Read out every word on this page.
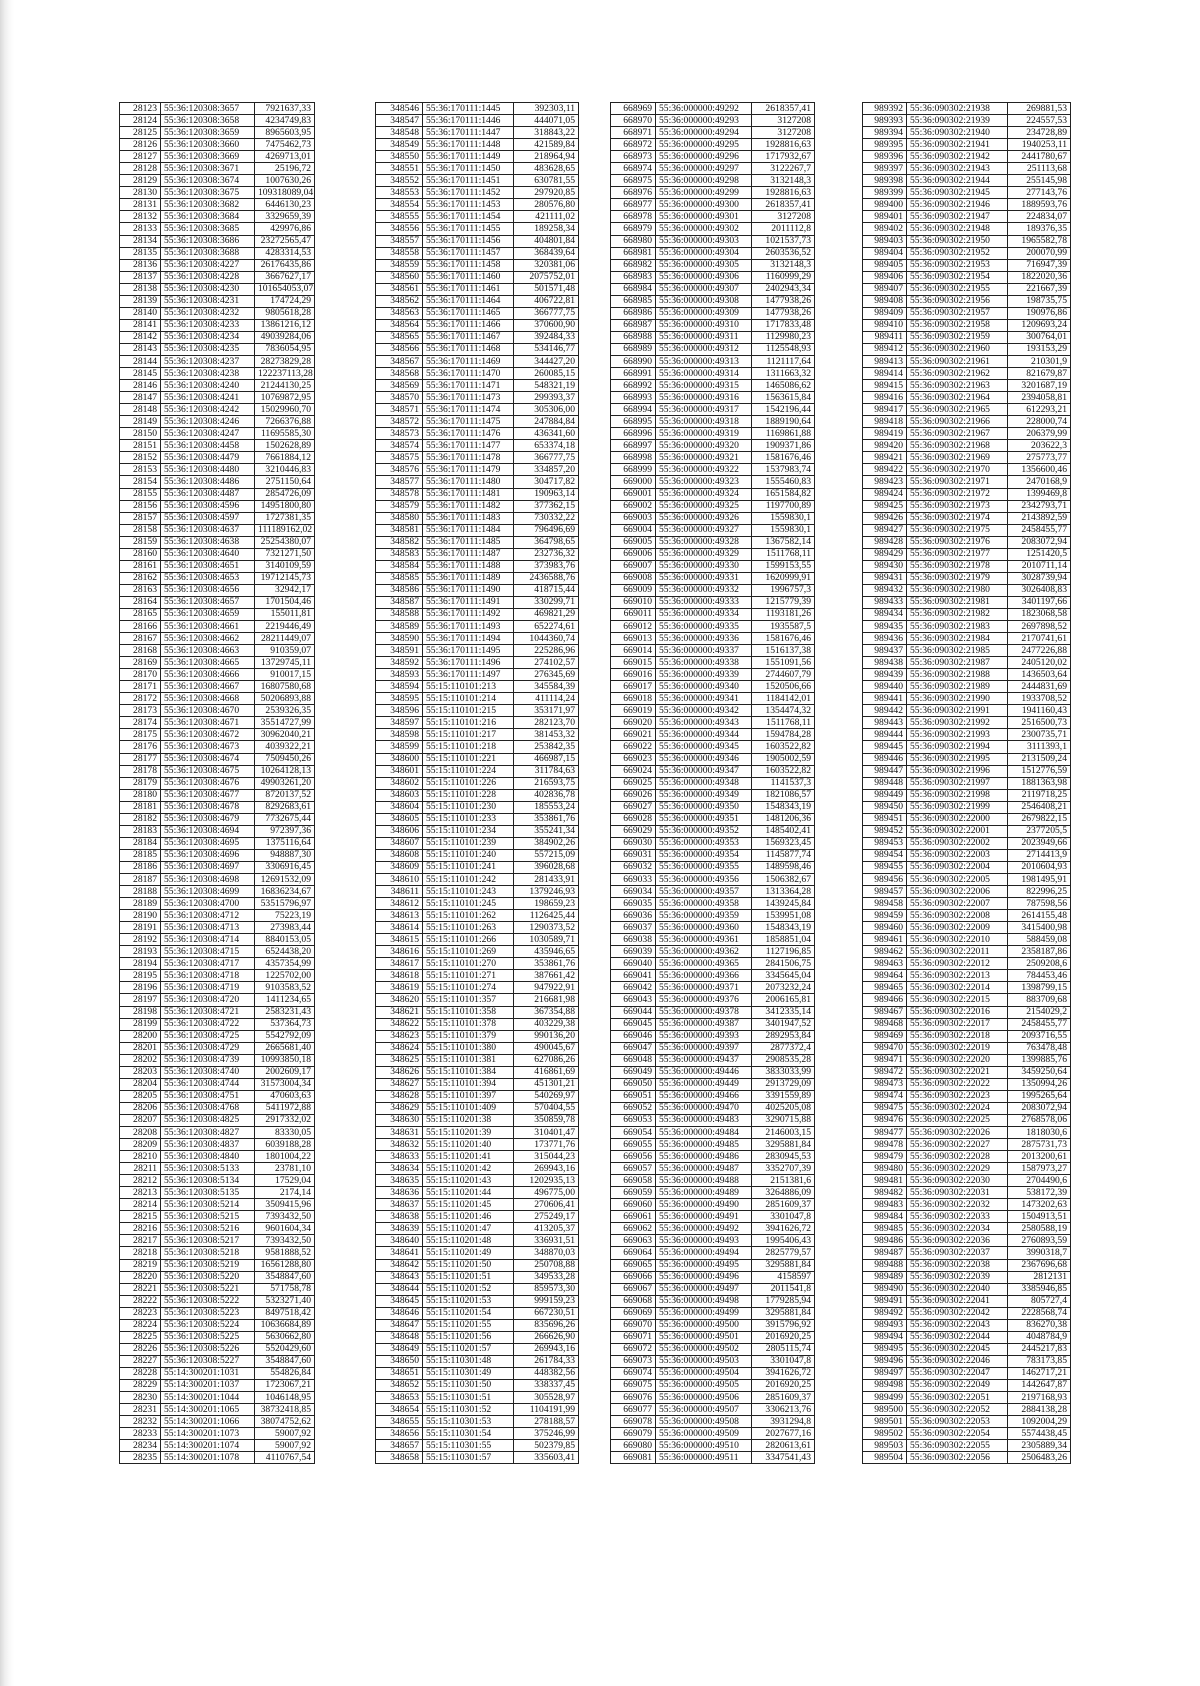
28123	55:36:120308:3657	7921637,33
28124	55:36:120308:3658	4234749,83
28125	55:36:120308:3659	8965603,95
28126	55:36:120308:3660	7475462,73
28127	55:36:120308:3669	4269713,01
28128	55:36:120308:3671	25196,72
28129	55:36:120308:3674	1007630,26
28130	55:36:120308:3675	109318089,04
28131	55:36:120308:3682	6446130,23
28132	55:36:120308:3684	3329659,39
28133	55:36:120308:3685	429976,86
28134	55:36:120308:3686	23272565,47
28135	55:36:120308:3688	4283314,53
28136	55:36:120308:4227	26176435,86
28137	55:36:120308:4228	3667627,17
28138	55:36:120308:4230	101654053,07
28139	55:36:120308:4231	174724,29
28140	55:36:120308:4232	9805618,28
28141	55:36:120308:4233	13861216,12
28142	55:36:120308:4234	49039284,06
28143	55:36:120308:4235	7836054,95
28144	55:36:120308:4237	28273829,28
28145	55:36:120308:4238	122237113,28
28146	55:36:120308:4240	21244130,25
28147	55:36:120308:4241	10769872,95
28148	55:36:120308:4242	15029960,70
28149	55:36:120308:4246	7266376,88
28150	55:36:120308:4247	11695585,30
28151	55:36:120308:4458	1502628,89
28152	55:36:120308:4479	7661884,12
28153	55:36:120308:4480	3210446,83
28154	55:36:120308:4486	2751150,64
28155	55:36:120308:4487	2854726,09
28156	55:36:120308:4596	14951800,80
28157	55:36:120308:4597	1727381,35
28158	55:36:120308:4637	111189162,02
28159	55:36:120308:4638	25254380,07
28160	55:36:120308:4640	7321271,50
28161	55:36:120308:4651	3140109,59
28162	55:36:120308:4653	19712145,73
28163	55:36:120308:4656	32942,17
28164	55:36:120308:4657	1701504,46
28165	55:36:120308:4659	155011,81
28166	55:36:120308:4661	2219446,49
28167	55:36:120308:4662	28211449,07
28168	55:36:120308:4663	910359,07
28169	55:36:120308:4665	13729745,11
28170	55:36:120308:4666	910017,15
28171	55:36:120308:4667	16807580,68
28172	55:36:120308:4668	50206893,88
28173	55:36:120308:4670	2539326,35
28174	55:36:120308:4671	35514727,99
28175	55:36:120308:4672	30962040,21
28176	55:36:120308:4673	4039322,21
28177	55:36:120308:4674	7509450,26
28178	55:36:120308:4675	10264128,13
28179	55:36:120308:4676	49903261,20
28180	55:36:120308:4677	8720137,52
28181	55:36:120308:4678	8292683,61
28182	55:36:120308:4679	7732675,44
28183	55:36:120308:4694	972397,36
28184	55:36:120308:4695	1375116,64
28185	55:36:120308:4696	948887,30
28186	55:36:120308:4697	3306916,45
28187	55:36:120308:4698	12691532,09
28188	55:36:120308:4699	16836234,67
28189	55:36:120308:4700	53515796,97
28190	55:36:120308:4712	75223,19
28191	55:36:120308:4713	273983,44
28192	55:36:120308:4714	8840153,05
28193	55:36:120308:4715	6524438,20
28194	55:36:120308:4717	4357354,99
28195	55:36:120308:4718	1225702,00
28196	55:36:120308:4719	9103583,52
28197	55:36:120308:4720	1411234,65
28198	55:36:120308:4721	2583231,43
28199	55:36:120308:4722	537364,73
28200	55:36:120308:4725	5542792,09
28201	55:36:120308:4729	2665681,40
28202	55:36:120308:4739	10993850,18
28203	55:36:120308:4740	2002609,17
28204	55:36:120308:4744	31573004,34
28205	55:36:120308:4751	470603,63
28206	55:36:120308:4768	5411972,88
28207	55:36:120308:4825	2917332,02
28208	55:36:120308:4827	83330,05
28209	55:36:120308:4837	6039188,28
28210	55:36:120308:4840	1801004,22
28211	55:36:120308:5133	23781,10
28212	55:36:120308:5134	17529,04
28213	55:36:120308:5135	2174,14
28214	55:36:120308:5214	3509415,96
28215	55:36:120308:5215	7393432,50
28216	55:36:120308:5216	9601604,34
28217	55:36:120308:5217	7393432,50
28218	55:36:120308:5218	9581888,52
28219	55:36:120308:5219	16561288,80
28220	55:36:120308:5220	3548847,60
28221	55:36:120308:5221	571758,78
28222	55:36:120308:5222	5323271,40
28223	55:36:120308:5223	8497518,42
28224	55:36:120308:5224	10636684,89
28225	55:36:120308:5225	5630662,80
28226	55:36:120308:5226	5520429,60
28227	55:36:120308:5227	3548847,60
28228	55:14:300201:1031	554826,84
28229	55:14:300201:1037	1723067,21
28230	55:14:300201:1044	1046148,95
28231	55:14:300201:1065	38732418,85
28232	55:14:300201:1066	38074752,62
28233	55:14:300201:1073	59007,92
28234	55:14:300201:1074	59007,92
28235	55:14:300201:1078	4110767,54
348546	55:36:170111:1445	392303,11
348547	55:36:170111:1446	444071,05
348548	55:36:170111:1447	318843,22
348549	55:36:170111:1448	421589,84
348550	55:36:170111:1449	218964,94
348551	55:36:170111:1450	483628,65
348552	55:36:170111:1451	630781,55
348553	55:36:170111:1452	297920,85
348554	55:36:170111:1453	280576,80
348555	55:36:170111:1454	421111,02
348556	55:36:170111:1455	189258,34
348557	55:36:170111:1456	404801,84
348558	55:36:170111:1457	368439,64
348559	55:36:170111:1458	320381,06
348560	55:36:170111:1460	2075752,01
348561	55:36:170111:1461	501571,48
348562	55:36:170111:1464	406722,81
348563	55:36:170111:1465	366777,75
348564	55:36:170111:1466	370600,90
348565	55:36:170111:1467	392484,33
348566	55:36:170111:1468	534146,77
348567	55:36:170111:1469	344427,20
348568	55:36:170111:1470	260085,15
348569	55:36:170111:1471	548321,19
348570	55:36:170111:1473	299393,37
348571	55:36:170111:1474	305306,00
348572	55:36:170111:1475	247884,84
348573	55:36:170111:1476	436341,60
348574	55:36:170111:1477	653374,18
348575	55:36:170111:1478	366777,75
348576	55:36:170111:1479	334857,20
348577	55:36:170111:1480	304717,82
348578	55:36:170111:1481	190963,14
348579	55:36:170111:1482	377362,15
348580	55:36:170111:1483	730332,22
348581	55:36:170111:1484	796496,69
348582	55:36:170111:1485	364798,65
348583	55:36:170111:1487	232736,32
348584	55:36:170111:1488	373983,76
348585	55:36:170111:1489	2436588,76
348586	55:36:170111:1490	418715,44
348587	55:36:170111:1491	330299,71
348588	55:36:170111:1492	469821,29
348589	55:36:170111:1493	652274,61
348590	55:36:170111:1494	1044360,74
348591	55:36:170111:1495	225286,96
348592	55:36:170111:1496	274102,57
348593	55:36:170111:1497	276345,69
348594	55:15:110101:213	345584,39
348595	55:15:110101:214	411114,24
348596	55:15:110101:215	353171,97
348597	55:15:110101:216	282123,70
348598	55:15:110101:217	381453,32
348599	55:15:110101:218	253842,35
348600	55:15:110101:221	466987,15
348601	55:15:110101:224	311784,63
348602	55:15:110101:226	216593,75
348603	55:15:110101:228	402836,78
348604	55:15:110101:230	185553,24
348605	55:15:110101:233	353861,76
348606	55:15:110101:234	355241,34
348607	55:15:110101:239	384902,26
348608	55:15:110101:240	557215,09
348609	55:15:110101:241	396028,68
348610	55:15:110101:242	281433,91
348611	55:15:110101:243	1379246,93
348612	55:15:110101:245	198659,23
348613	55:15:110101:262	1126425,44
348614	55:15:110101:263	1290373,52
348615	55:15:110101:266	1030589,71
348616	55:15:110101:269	435946,65
348617	55:15:110101:270	353861,76
348618	55:15:110101:271	387661,42
348619	55:15:110101:274	947922,91
348620	55:15:110101:357	216681,98
348621	55:15:110101:358	367354,88
348622	55:15:110101:378	403229,38
348623	55:15:110101:379	990136,20
348624	55:15:110101:380	490045,67
348625	55:15:110101:381	627086,26
348626	55:15:110101:384	416861,69
348627	55:15:110101:394	451301,21
348628	55:15:110101:397	540269,97
348629	55:15:110101:409	570404,55
348630	55:15:110201:38	350859,78
348631	55:15:110201:39	310401,47
348632	55:15:110201:40	173771,76
348633	55:15:110201:41	315044,23
348634	55:15:110201:42	269943,16
348635	55:15:110201:43	1202935,13
348636	55:15:110201:44	496775,00
348637	55:15:110201:45	270606,41
348638	55:15:110201:46	275249,17
348639	55:15:110201:47	413205,37
348640	55:15:110201:48	336931,51
348641	55:15:110201:49	348870,03
348642	55:15:110201:50	250708,88
348643	55:15:110201:51	349533,28
348644	55:15:110201:52	859573,30
348645	55:15:110201:53	999159,23
348646	55:15:110201:54	667230,51
348647	55:15:110201:55	835696,26
348648	55:15:110201:56	266626,90
348649	55:15:110201:57	269943,16
348650	55:15:110301:48	261784,33
348651	55:15:110301:49	448382,56
348652	55:15:110301:50	338337,45
348653	55:15:110301:51	305528,97
348654	55:15:110301:52	1104191,99
348655	55:15:110301:53	278188,57
348656	55:15:110301:54	375246,99
348657	55:15:110301:55	502379,85
348658	55:15:110301:57	335603,41
668969	55:36:000000:49292	2618357,41
668970	55:36:000000:49293	3127208
668971	55:36:000000:49294	3127208
668972	55:36:000000:49295	1928816,63
668973	55:36:000000:49296	1717932,67
668974	55:36:000000:49297	3122267,7
668975	55:36:000000:49298	3132148,3
668976	55:36:000000:49299	1928816,63
668977	55:36:000000:49300	2618357,41
668978	55:36:000000:49301	3127208
668979	55:36:000000:49302	2011112,8
668980	55:36:000000:49303	1021537,73
668981	55:36:000000:49304	2603536,52
668982	55:36:000000:49305	3132148,3
668983	55:36:000000:49306	1160999,29
668984	55:36:000000:49307	2402943,34
668985	55:36:000000:49308	1477938,26
668986	55:36:000000:49309	1477938,26
668987	55:36:000000:49310	1717833,48
668988	55:36:000000:49311	1129980,23
668989	55:36:000000:49312	1125548,93
668990	55:36:000000:49313	1121117,64
668991	55:36:000000:49314	1311663,32
668992	55:36:000000:49315	1465086,62
668993	55:36:000000:49316	1563615,84
668994	55:36:000000:49317	1542196,44
668995	55:36:000000:49318	1889190,64
668996	55:36:000000:49319	1169861,88
668997	55:36:000000:49320	1909371,86
668998	55:36:000000:49321	1581676,46
668999	55:36:000000:49322	1537983,74
669000	55:36:000000:49323	1555460,83
669001	55:36:000000:49324	1651584,82
669002	55:36:000000:49325	1197700,89
669003	55:36:000000:49326	1559830,1
669004	55:36:000000:49327	1559830,1
669005	55:36:000000:49328	1367582,14
669006	55:36:000000:49329	1511768,11
669007	55:36:000000:49330	1599153,55
669008	55:36:000000:49331	1620999,91
669009	55:36:000000:49332	1996757,3
669010	55:36:000000:49333	1215779,39
669011	55:36:000000:49334	1193181,26
669012	55:36:000000:49335	1935587,5
669013	55:36:000000:49336	1581676,46
669014	55:36:000000:49337	1516137,38
669015	55:36:000000:49338	1551091,56
669016	55:36:000000:49339	2744607,79
669017	55:36:000000:49340	1520506,66
669018	55:36:000000:49341	1184142,01
669019	55:36:000000:49342	1354474,32
669020	55:36:000000:49343	1511768,11
669021	55:36:000000:49344	1594784,28
669022	55:36:000000:49345	1603522,82
669023	55:36:000000:49346	1905002,59
669024	55:36:000000:49347	1603522,82
669025	55:36:000000:49348	1141537,3
669026	55:36:000000:49349	1821086,57
669027	55:36:000000:49350	1548343,19
669028	55:36:000000:49351	1481206,36
669029	55:36:000000:49352	1485402,41
669030	55:36:000000:49353	1569323,45
669031	55:36:000000:49354	1145877,74
669032	55:36:000000:49355	1489598,46
669033	55:36:000000:49356	1506382,67
669034	55:36:000000:49357	1313364,28
669035	55:36:000000:49358	1439245,84
669036	55:36:000000:49359	1539951,08
669037	55:36:000000:49360	1548343,19
669038	55:36:000000:49361	1858851,04
669039	55:36:000000:49362	1127196,85
669040	55:36:000000:49365	2841506,75
669041	55:36:000000:49366	3345645,04
669042	55:36:000000:49371	2073232,24
669043	55:36:000000:49376	2006165,81
669044	55:36:000000:49378	3412335,14
669045	55:36:000000:49387	3401947,52
669046	55:36:000000:49393	2892953,84
669047	55:36:000000:49397	2877372,4
669048	55:36:000000:49437	2908535,28
669049	55:36:000000:49446	3833033,99
669050	55:36:000000:49449	2913729,09
669051	55:36:000000:49466	3391559,89
669052	55:36:000000:49470	4025205,08
669053	55:36:000000:49483	3290715,88
669054	55:36:000000:49484	2146003,15
669055	55:36:000000:49485	3295881,84
669056	55:36:000000:49486	2830945,53
669057	55:36:000000:49487	3352707,39
669058	55:36:000000:49488	2151381,6
669059	55:36:000000:49489	3264886,09
669060	55:36:000000:49490	2851609,37
669061	55:36:000000:49491	3301047,8
669062	55:36:000000:49492	3941626,72
669063	55:36:000000:49493	1995406,43
669064	55:36:000000:49494	2825779,57
669065	55:36:000000:49495	3295881,84
669066	55:36:000000:49496	4158597
669067	55:36:000000:49497	2011541,8
669068	55:36:000000:49498	1779285,94
669069	55:36:000000:49499	3295881,84
669070	55:36:000000:49500	3915796,92
669071	55:36:000000:49501	2016920,25
669072	55:36:000000:49502	2805115,74
669073	55:36:000000:49503	3301047,8
669074	55:36:000000:49504	3941626,72
669075	55:36:000000:49505	2016920,25
669076	55:36:000000:49506	2851609,37
669077	55:36:000000:49507	3306213,76
669078	55:36:000000:49508	3931294,8
669079	55:36:000000:49509	2027677,16
669080	55:36:000000:49510	2820613,61
669081	55:36:000000:49511	3347541,43
989392	55:36:090302:21938	269881,53
989393	55:36:090302:21939	224557,53
989394	55:36:090302:21940	234728,89
989395	55:36:090302:21941	1940253,11
989396	55:36:090302:21942	2441780,67
989397	55:36:090302:21943	251113,68
989398	55:36:090302:21944	255145,98
989399	55:36:090302:21945	277143,76
989400	55:36:090302:21946	1889593,76
989401	55:36:090302:21947	224834,07
989402	55:36:090302:21948	189376,35
989403	55:36:090302:21950	1965582,78
989404	55:36:090302:21952	200070,99
989405	55:36:090302:21953	716947,39
989406	55:36:090302:21954	1822020,36
989407	55:36:090302:21955	221667,39
989408	55:36:090302:21956	198735,75
989409	55:36:090302:21957	190976,86
989410	55:36:090302:21958	1209693,24
989411	55:36:090302:21959	300764,01
989412	55:36:090302:21960	193153,29
989413	55:36:090302:21961	210301,9
989414	55:36:090302:21962	821679,87
989415	55:36:090302:21963	3201687,19
989416	55:36:090302:21964	2394058,81
989417	55:36:090302:21965	612293,21
989418	55:36:090302:21966	228000,74
989419	55:36:090302:21967	206379,99
989420	55:36:090302:21968	203622,3
989421	55:36:090302:21969	275773,77
989422	55:36:090302:21970	1356600,46
989423	55:36:090302:21971	2470168,9
989424	55:36:090302:21972	1399469,8
989425	55:36:090302:21973	2342793,71
989426	55:36:090302:21974	2143892,59
989427	55:36:090302:21975	2458455,77
989428	55:36:090302:21976	2083072,94
989429	55:36:090302:21977	1251420,5
989430	55:36:090302:21978	2010711,14
989431	55:36:090302:21979	3028739,94
989432	55:36:090302:21980	3026408,83
989433	55:36:090302:21981	3401197,66
989434	55:36:090302:21982	1823068,58
989435	55:36:090302:21983	2697898,52
989436	55:36:090302:21984	2170741,61
989437	55:36:090302:21985	2477226,88
989438	55:36:090302:21987	2405120,02
989439	55:36:090302:21988	1436503,64
989440	55:36:090302:21989	2444831,69
989441	55:36:090302:21990	1933708,52
989442	55:36:090302:21991	1941160,43
989443	55:36:090302:21992	2516500,73
989444	55:36:090302:21993	2300735,71
989445	55:36:090302:21994	3111393,1
989446	55:36:090302:21995	2131509,24
989447	55:36:090302:21996	1512776,59
989448	55:36:090302:21997	1881363,98
989449	55:36:090302:21998	2119718,25
989450	55:36:090302:21999	2546408,21
989451	55:36:090302:22000	2679822,15
989452	55:36:090302:22001	2377205,5
989453	55:36:090302:22002	2023949,66
989454	55:36:090302:22003	2714413,9
989455	55:36:090302:22004	2010604,93
989456	55:36:090302:22005	1981495,91
989457	55:36:090302:22006	822996,25
989458	55:36:090302:22007	787598,56
989459	55:36:090302:22008	2614155,48
989460	55:36:090302:22009	3415400,98
989461	55:36:090302:22010	588459,08
989462	55:36:090302:22011	2358187,86
989463	55:36:090302:22012	2509208,6
989464	55:36:090302:22013	784453,46
989465	55:36:090302:22014	1398799,15
989466	55:36:090302:22015	883709,68
989467	55:36:090302:22016	2154029,2
989468	55:36:090302:22017	2458455,77
989469	55:36:090302:22018	2093716,55
989470	55:36:090302:22019	763478,48
989471	55:36:090302:22020	1399885,76
989472	55:36:090302:22021	3459250,64
989473	55:36:090302:22022	1350994,26
989474	55:36:090302:22023	1995265,64
989475	55:36:090302:22024	2083072,94
989476	55:36:090302:22025	2768578,06
989477	55:36:090302:22026	1818030,6
989478	55:36:090302:22027	2875731,73
989479	55:36:090302:22028	2013200,61
989480	55:36:090302:22029	1587973,27
989481	55:36:090302:22030	2704490,6
989482	55:36:090302:22031	538172,39
989483	55:36:090302:22032	1473202,63
989484	55:36:090302:22033	1504913,51
989485	55:36:090302:22034	2580588,19
989486	55:36:090302:22036	2760893,59
989487	55:36:090302:22037	3990318,7
989488	55:36:090302:22038	2367696,68
989489	55:36:090302:22039	2812131
989490	55:36:090302:22040	3385946,85
989491	55:36:090302:22041	805727,4
989492	55:36:090302:22042	2228568,74
989493	55:36:090302:22043	836270,38
989494	55:36:090302:22044	4048784,9
989495	55:36:090302:22045	2445217,83
989496	55:36:090302:22046	783173,85
989497	55:36:090302:22047	1462717,21
989498	55:36:090302:22049	1442647,87
989499	55:36:090302:22051	2197168,93
989500	55:36:090302:22052	2884138,28
989501	55:36:090302:22053	1092004,29
989502	55:36:090302:22054	5574438,45
989503	55:36:090302:22055	2305889,34
989504	55:36:090302:22056	2506483,26
